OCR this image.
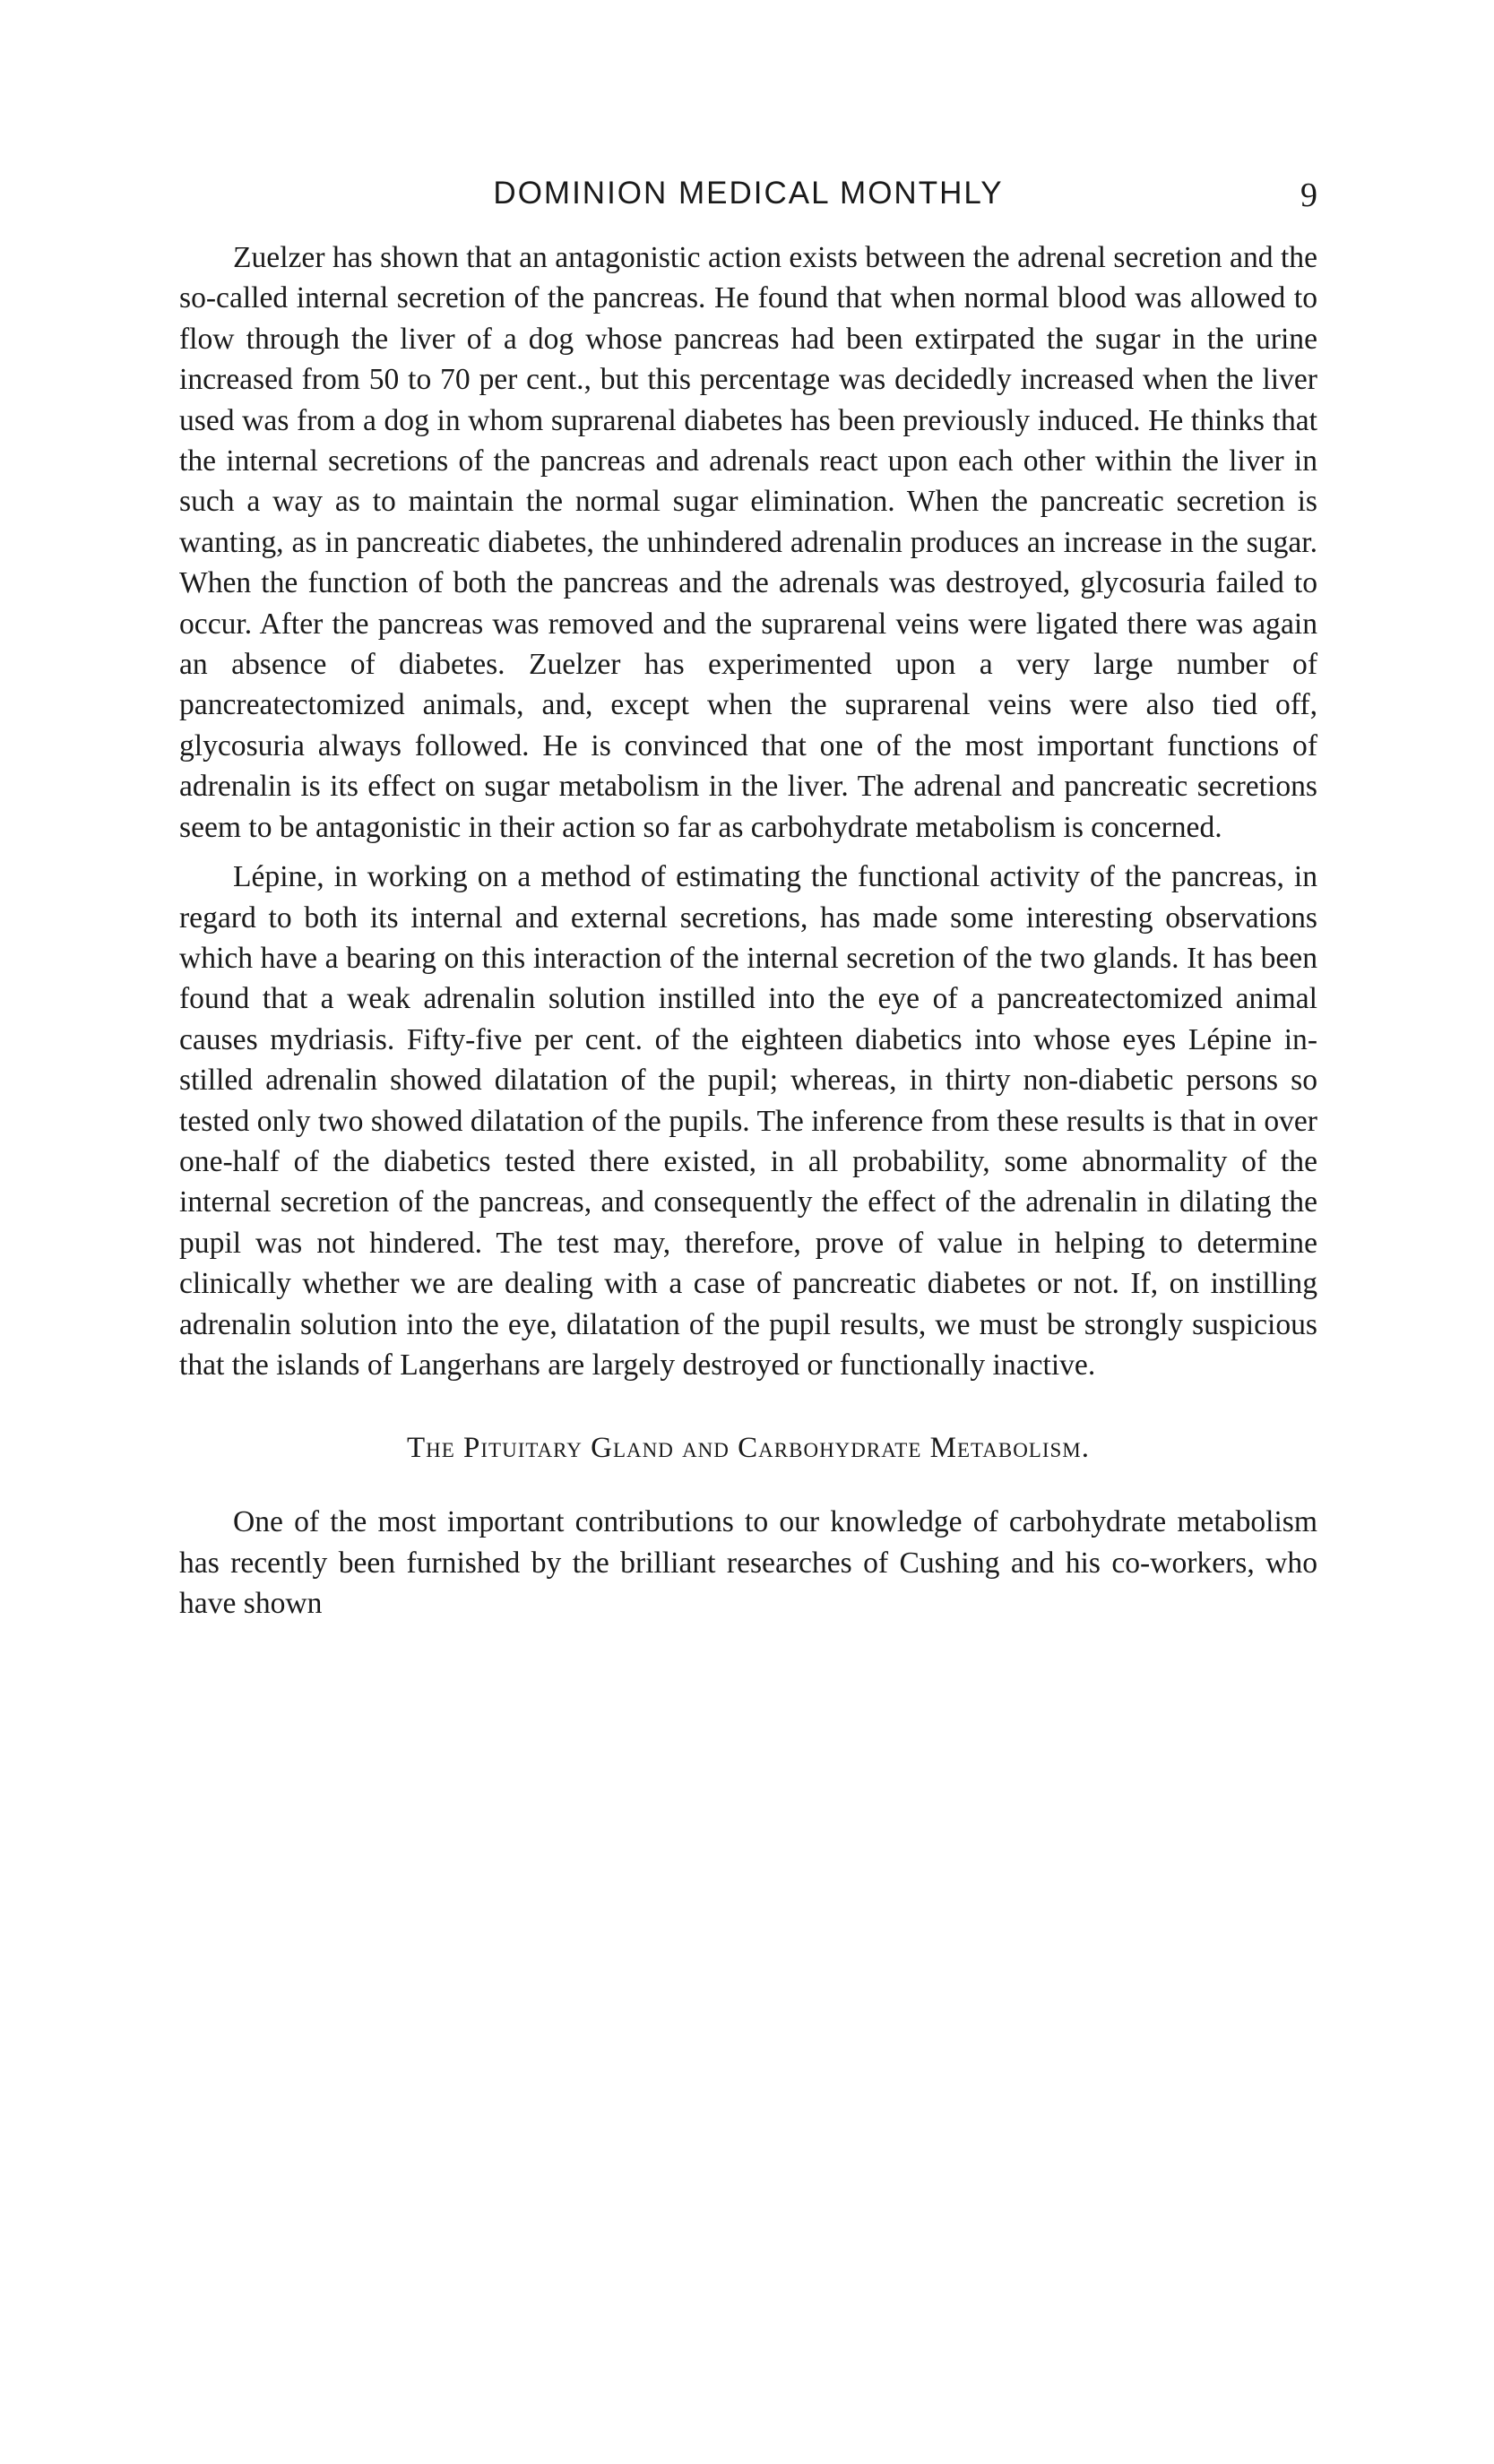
DOMINION MEDICAL MONTHLY	9

Zuelzer has shown that an antagonistic action exists between the adrenal secretion and the so-called internal secretion of the pancreas. He found that when normal blood was allowed to flow through the liver of a dog whose pancreas had been extirpated the sugar in the urine increased from 50 to 70 per cent., but this percentage was decidedly increased when the liver used was from a dog in whom suprarenal diabetes has been previously induced. He thinks that the internal secretions of the pancreas and adrenals react upon each other within the liver in such a way as to maintain the normal sugar elimination. When the pancreatic secretion is wanting, as in pancreatic diabetes, the unhindered adrenalin produces an increase in the sugar. When the function of both the pancreas and the adrenals was destroyed, glycosuria failed to occur. After the pancreas was removed and the suprarenal veins were ligated there was again an absence of diabetes. Zuelzer has experimented upon a very large number of pancreatectomized animals, and, except when the suprarenal veins were also tied off, glycosuria always followed. He is convinced that one of the most important functions of adrenalin is its effect on sugar metabolism in the liver. The adrenal and pancreatic secretions seem to be antagonistic in their action so far as carbohydrate metabolism is concerned.

Lépine, in working on a method of estimating the functional activity of the pancreas, in regard to both its internal and external secretions, has made some interesting observations which have a bearing on this interaction of the internal secretion of the two glands. It has been found that a weak adrenalin solution instilled into the eye of a pancreatectomized animal causes mydriasis. Fifty-five per cent. of the eighteen diabetics into whose eyes Lépine instilled adrenalin showed dilatation of the pupil; whereas, in thirty non-diabetic persons so tested only two showed dilatation of the pupils. The inference from these results is that in over one-half of the diabetics tested there existed, in all probability, some abnormality of the internal secretion of the pancreas, and consequently the effect of the adrenalin in dilating the pupil was not hindered. The test may, therefore, prove of value in helping to determine clinically whether we are dealing with a case of pancreatic diabetes or not. If, on instilling adrenalin solution into the eye, dilatation of the pupil results, we must be strongly suspicious that the islands of Langerhans are largely destroyed or functionally inactive.

The Pituitary Gland and Carbohydrate Metabolism.

One of the most important contributions to our knowledge of carbohydrate metabolism has recently been furnished by the brilliant researches of Cushing and his co-workers, who have shown
